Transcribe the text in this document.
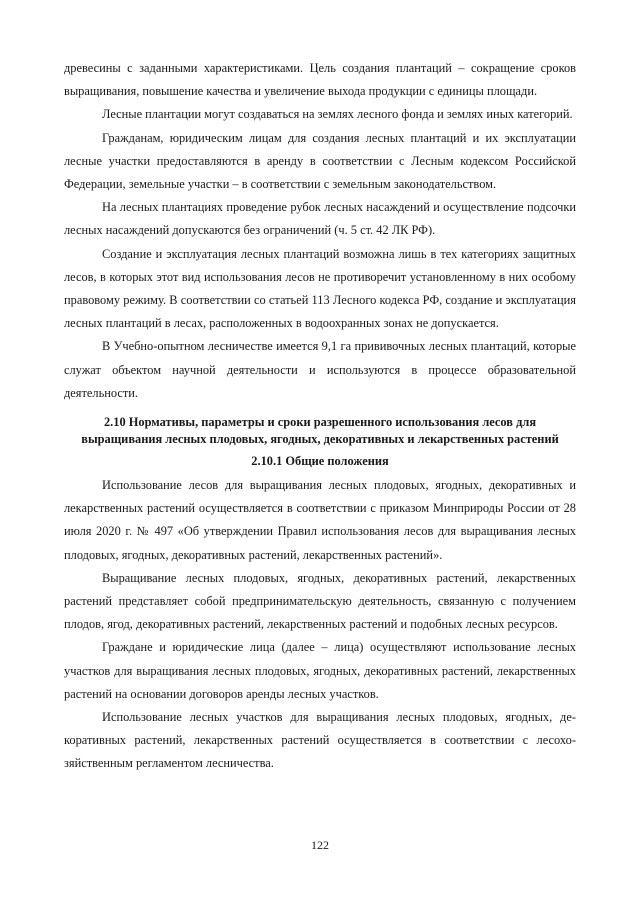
древесины с заданными характеристиками. Цель создания плантаций – сокращение сроков выращивания, повышение качества и увеличение выхода продукции с единицы площади.

Лесные плантации могут создаваться на землях лесного фонда и землях иных категорий.

Гражданам, юридическим лицам для создания лесных плантаций и их эксплуатации лесные участки предоставляются в аренду в соответствии с Лесным кодексом Российской Федерации, земельные участки – в соответствии с земельным законодательством.

На лесных плантациях проведение рубок лесных насаждений и осуществление подсочки лесных насаждений допускаются без ограничений (ч. 5 ст. 42 ЛК РФ).

Создание и эксплуатация лесных плантаций возможна лишь в тех категориях защитных лесов, в которых этот вид использования лесов не противоречит установленному в них особому правовому режиму. В соответствии со статьей 113 Лесного кодекса РФ, создание и эксплуатация лесных плантаций в лесах, расположенных в водоохранных зонах не допускается.

В Учебно-опытном лесничестве имеется 9,1 га прививочных лесных плантаций, которые служат объектом научной деятельности и используются в процессе образовательной деятельности.

2.10 Нормативы, параметры и сроки разрешенного использования лесов для выращивания лесных плодовых, ягодных, декоративных и лекарственных растений
2.10.1 Общие положения

Использование лесов для выращивания лесных плодовых, ягодных, декоративных и лекарственных растений осуществляется в соответствии с приказом Минприроды России от 28 июля 2020 г. № 497 «Об утверждении Правил использования лесов для выращивания лесных плодовых, ягодных, декоративных растений, лекарственных растений».

Выращивание лесных плодовых, ягодных, декоративных растений, лекарственных растений представляет собой предпринимательскую деятельность, связанную с получением плодов, ягод, декоративных растений, лекарственных растений и подобных лесных ресурсов.

Граждане и юридические лица (далее – лица) осуществляют использование лесных участков для выращивания лесных плодовых, ягодных, декоративных растений, лекарственных растений на основании договоров аренды лесных участков.

Использование лесных участков для выращивания лесных плодовых, ягодных, декоративных растений, лекарственных растений осуществляется в соответствии с лесохозяйственным регламентом лесничества.

122
